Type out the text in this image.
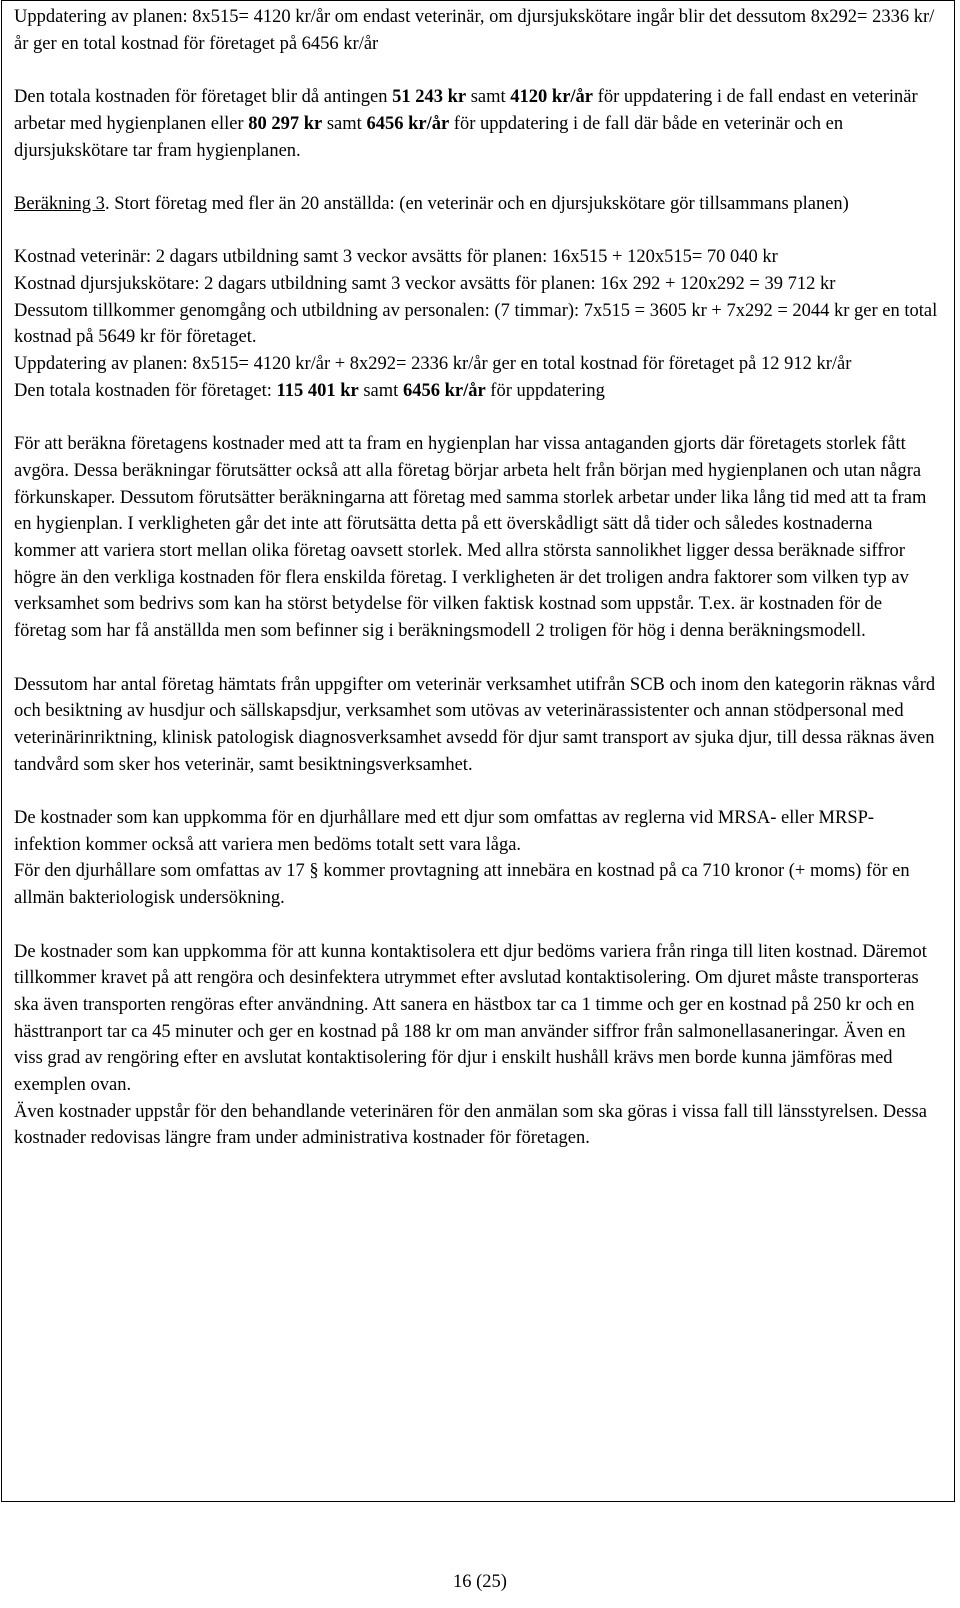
Uppdatering av planen: 8x515= 4120 kr/år om endast veterinär, om djursjukskötare ingår blir det dessutom 8x292= 2336 kr/år ger en total kostnad för företaget på 6456 kr/år

Den totala kostnaden för företaget blir då antingen 51 243 kr samt 4120 kr/år för uppdatering i de fall endast en veterinär arbetar med hygienplanen eller 80 297 kr samt 6456 kr/år för uppdatering i de fall där både en veterinär och en djursjukskötare tar fram hygienplanen.

Beräkning 3. Stort företag med fler än 20 anställda: (en veterinär och en djursjukskötare gör tillsammans planen)

Kostnad veterinär: 2 dagars utbildning samt 3 veckor avsätts för planen: 16x515 + 120x515= 70 040 kr

Kostnad djursjukskötare: 2 dagars utbildning samt 3 veckor avsätts för planen: 16x 292 + 120x292 = 39 712 kr

Dessutom tillkommer genomgång och utbildning av personalen: (7 timmar): 7x515 = 3605 kr + 7x292 = 2044 kr ger en total kostnad på 5649 kr för företaget.

Uppdatering av planen: 8x515= 4120 kr/år + 8x292= 2336 kr/år ger en total kostnad för företaget på 12 912 kr/år

Den totala kostnaden för företaget: 115 401 kr samt 6456 kr/år för uppdatering

För att beräkna företagens kostnader med att ta fram en hygienplan har vissa antaganden gjorts där företagets storlek fått avgöra. Dessa beräkningar förutsätter också att alla företag börjar arbeta helt från början med hygienplanen och utan några förkunskaper. Dessutom förutsätter beräkningarna att företag med samma storlek arbetar under lika lång tid med att ta fram en hygienplan. I verkligheten går det inte att förutsätta detta på ett överskådligt sätt då tider och således kostnaderna kommer att variera stort mellan olika företag oavsett storlek. Med allra största sannolikhet ligger dessa beräknade siffror högre än den verkliga kostnaden för flera enskilda företag. I verkligheten är det troligen andra faktorer som vilken typ av verksamhet som bedrivs som kan ha störst betydelse för vilken faktisk kostnad som uppstår. T.ex. är kostnaden för de företag som har få anställda men som befinner sig i beräkningsmodell 2 troligen för hög i denna beräkningsmodell.

Dessutom har antal företag hämtats från uppgifter om veterinär verksamhet utifrån SCB och inom den kategorin räknas vård och besiktning av husdjur och sällskapsdjur, verksamhet som utövas av veterinärassistenter och annan stödpersonal med veterinärinriktning, klinisk patologisk diagnosverksamhet avsedd för djur samt transport av sjuka djur, till dessa räknas även tandvård som sker hos veterinär, samt besiktningsverksamhet.

De kostnader som kan uppkomma för en djurhållare med ett djur som omfattas av reglerna vid MRSA- eller MRSP-infektion kommer också att variera men bedöms totalt sett vara låga.

För den djurhållare som omfattas av 17 § kommer provtagning att innebära en kostnad på ca 710 kronor (+ moms) för en allmän bakteriologisk undersökning.

De kostnader som kan uppkomma för att kunna kontaktisolera ett djur bedöms variera från ringa till liten kostnad. Däremot tillkommer kravet på att rengöra och desinfektera utrymmet efter avslutad kontaktisolering. Om djuret måste transporteras ska även transporten rengöras efter användning. Att sanera en hästbox tar ca 1 timme och ger en kostnad på 250 kr och en hästtranport tar ca 45 minuter och ger en kostnad på 188 kr om man använder siffror från salmonellasaneringar. Även en viss grad av rengöring efter en avslutat kontaktisolering för djur i enskilt hushåll krävs men borde kunna jämföras med exemplen ovan.

Även kostnader uppstår för den behandlande veterinären för den anmälan som ska göras i vissa fall till länsstyrelsen. Dessa kostnader redovisas längre fram under administrativa kostnader för företagen.

16 (25)
